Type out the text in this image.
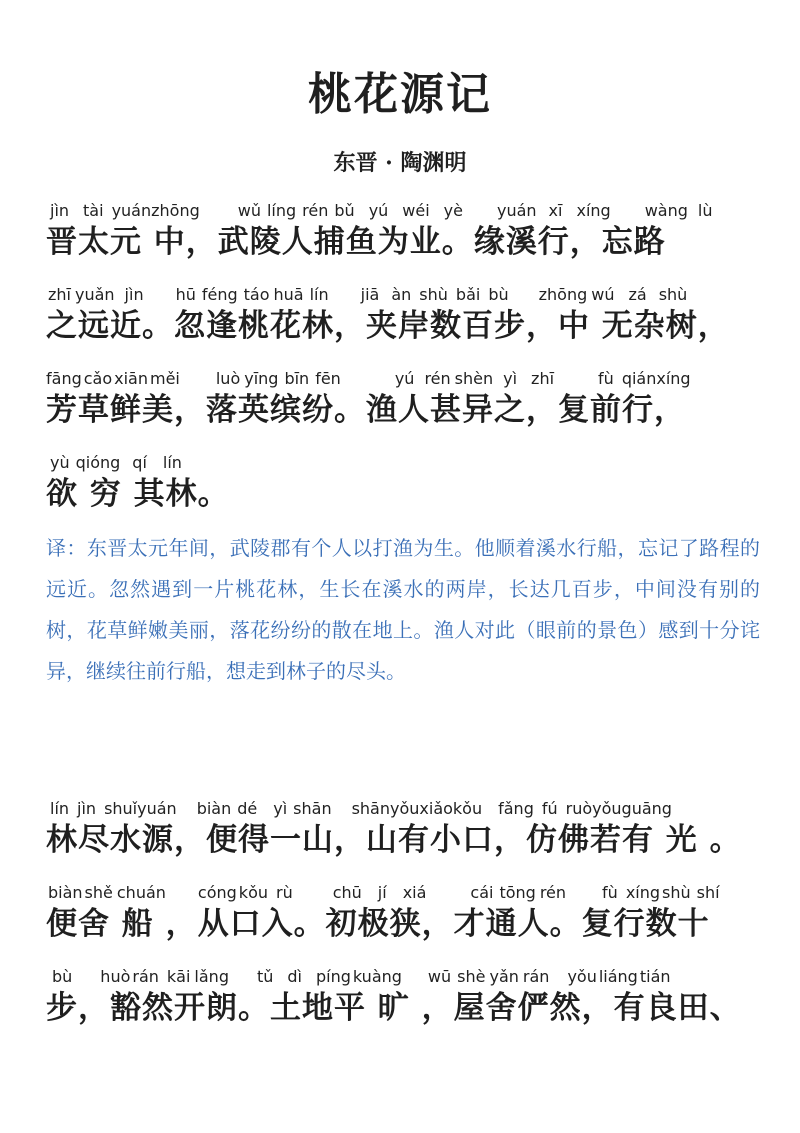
桃花源记
东晋 · 陶渊明
jìn tài yuánzhōng wǔ líng rén bǔ yú wéi yè yuán xī xíng wàng lù
晋太元 中，武陵人捕鱼为业。缘溪行，忘路
zhī yuǎn jìn hū féng táo huā lín jiā àn shù bǎi bù zhōng wú zá shù
之远近。忽逢桃花林，夹岸数百步，中 无杂树，
fāng cǎo xiān měi luò yīng bīn fēn	yú rén shèn yì zhī	fù qiánxíng
芳草鲜美，落英缤纷。渔人甚异之，复前行，
yù qióng qí lín
欲 穷 其林。
译：东晋太元年间，武陵郡有个人以打渔为生。他顺着溪水行船，忘记了路程的远近。忽然遇到一片桃花林，生长在溪水的两岸，长达几百步，中间没有别的树，花草鲜嫩美丽，落花纷纷的散在地上。渔人对此（眼前的景色）感到十分诧异，继续往前行船，想走到林子的尽头。
lín jìn shuǐyuán biàn dé yì shān shānyǒuxiǎokǒu fǎng fú ruòyǒuguāng
林尽水源，便得一山，山有小口，仿佛若有 光 。
biàn shě chuán cóng kǒu rù	chū jí xiá	cái tōng rén fù xíng shù shí
便舍 船 ，从口入。初极狭，才通人。复行数十
bù huò rán kāi lǎng tǔ dì píng kuàng wū shè yǎn rán yǒu liáng tián
步，豁然开朗。土地平 旷 ，屋舍俨然，有良田、
